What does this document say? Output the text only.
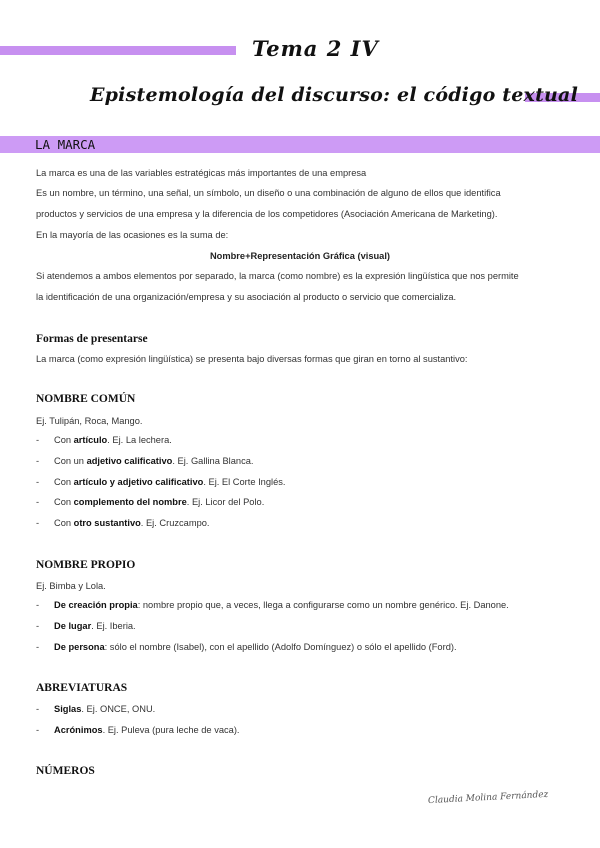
Tema 2 IV
Epistemología del discurso: el código textual
LA MARCA
La marca es una de las variables estratégicas más importantes de una empresa
Es un nombre, un término, una señal, un símbolo, un diseño o una combinación de alguno de ellos que identifica
productos y servicios de una empresa y la diferencia de los competidores (Asociación Americana de Marketing).
En la mayoría de las ocasiones es la suma de:
Nombre+Representación Gráfica (visual)
Si atendemos a ambos elementos por separado, la marca (como nombre) es la expresión lingüística que nos permite
la identificación de una organización/empresa y su asociación al producto o servicio que comercializa.
Formas de presentarse
La marca (como expresión lingüística) se presenta bajo diversas formas que giran en torno al sustantivo:
NOMBRE COMÚN
Ej. Tulipán, Roca, Mango.
- Con artículo. Ej. La lechera.
- Con un adjetivo calificativo. Ej. Gallina Blanca.
- Con artículo y adjetivo calificativo. Ej. El Corte Inglés.
- Con complemento del nombre. Ej. Licor del Polo.
- Con otro sustantivo. Ej. Cruzcampo.
NOMBRE PROPIO
Ej. Bimba y Lola.
- De creación propia: nombre propio que, a veces, llega a configurarse como un nombre genérico. Ej. Danone.
- De lugar. Ej. Iberia.
- De persona: sólo el nombre (Isabel), con el apellido (Adolfo Domínguez) o sólo el apellido (Ford).
ABREVIATURAS
- Siglas. Ej. ONCE, ONU.
- Acrónimos. Ej. Puleva (pura leche de vaca).
NÚMEROS
Claudia Molina Fernández
